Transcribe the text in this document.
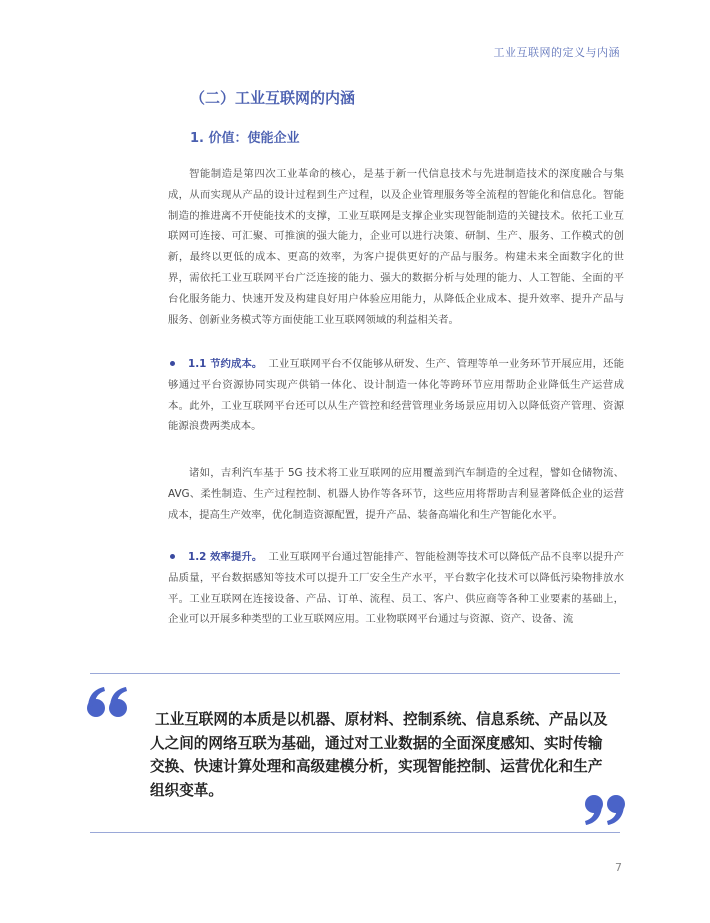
工业互联网的定义与内涵
（二）工业互联网的内涵
1. 价值：使能企业

智能制造是第四次工业革命的核心，是基于新一代信息技术与先进制造技术的深度融合与集成，从而实现从产品的设计过程到生产过程，以及企业管理服务等全流程的智能化和信息化。智能制造的推进离不开使能技术的支撑，工业互联网是支撑企业实现智能制造的关键技术。依托工业互联网可连接、可汇聚、可推演的强大能力，企业可以进行决策、研制、生产、服务、工作模式的创新，最终以更低的成本、更高的效率，为客户提供更好的产品与服务。构建未来全面数字化的世界，需依托工业互联网平台广泛连接的能力、强大的数据分析与处理的能力、人工智能、全面的平台化服务能力、快速开发及构建良好用户体验应用能力，从降低企业成本、提升效率、提升产品与服务、创新业务模式等方面使能工业互联网领域的利益相关者。

1.1 节约成本。 工业互联网平台不仅能够从研发、生产、管理等单一业务环节开展应用，还能够通过平台资源协同实现产供销一体化、设计制造一体化等跨环节应用帮助企业降低生产运营成本。此外，工业互联网平台还可以从生产管控和经营管理业务场景应用切入以降低资产管理、资源能源浪费两类成本。

诸如，吉利汽车基于 5G 技术将工业互联网的应用覆盖到汽车制造的全过程，譬如仓储物流、AVG、柔性制造、生产过程控制、机器人协作等各环节，这些应用将帮助吉利显著降低企业的运营成本，提高生产效率，优化制造资源配置，提升产品、装备高端化和生产智能化水平。

1.2 效率提升。 工业互联网平台通过智能排产、智能检测等技术可以降低产品不良率以提升产品质量，平台数据感知等技术可以提升工厂安全生产水平，平台数字化技术可以降低污染物排放水平。工业互联网在连接设备、产品、订单、流程、员工、客户、供应商等各种工业要素的基础上，企业可以开展多种类型的工业互联网应用。工业物联网平台通过与资源、资产、设备、流

工业互联网的本质是以机器、原材料、控制系统、信息系统、产品以及人之间的网络互联为基础，通过对工业数据的全面深度感知、实时传输交换、快速计算处理和高级建模分析，实现智能控制、运营优化和生产组织变革。

7
